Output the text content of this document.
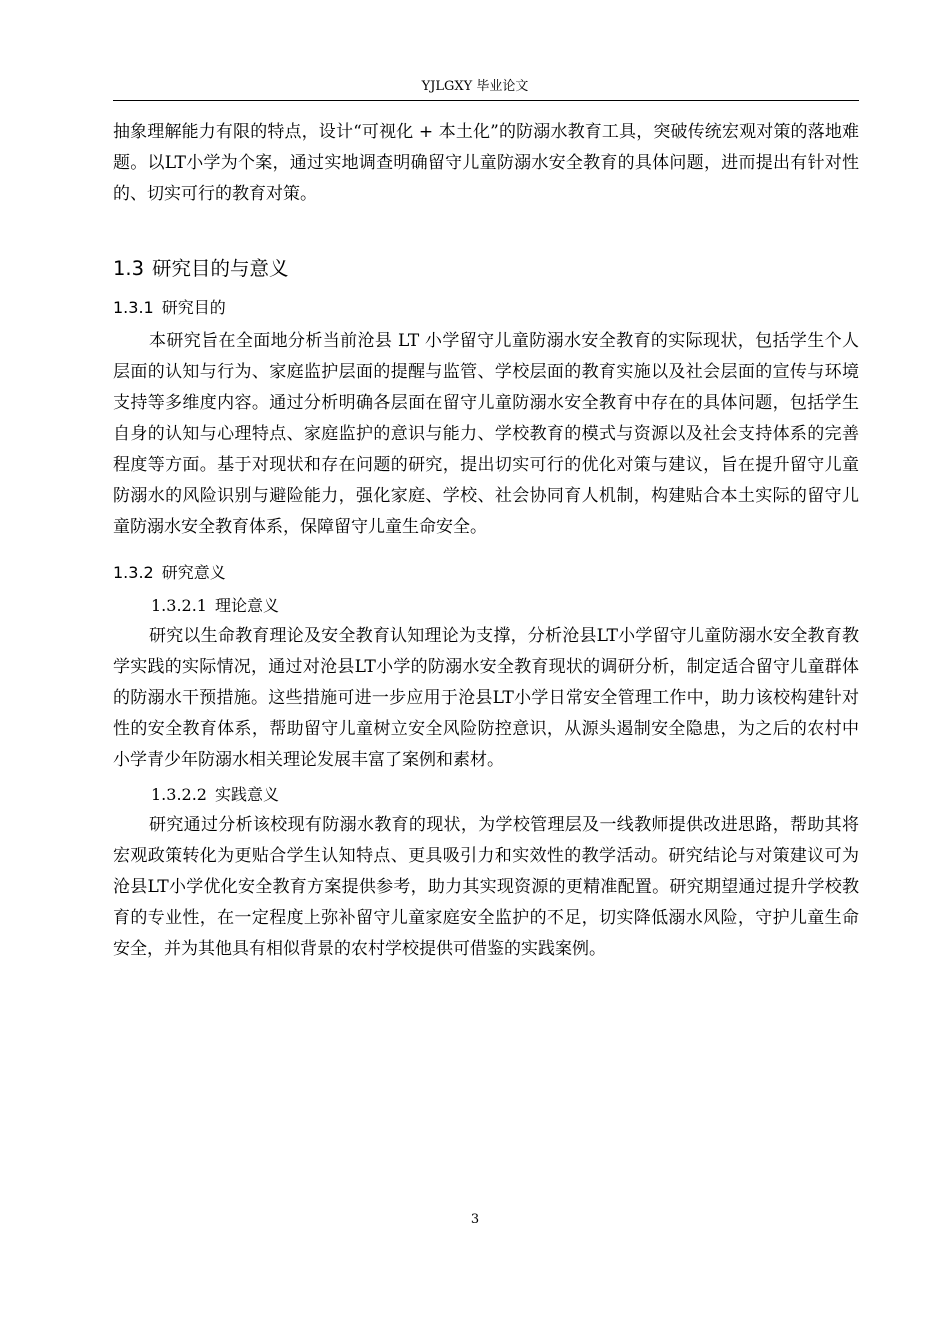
YJLGXY 毕业论文

抽象理解能力有限的特点，设计“可视化 + 本土化”的防溺水教育工具，突破传统宏观对策的落地难题。以LT小学为个案，通过实地调查明确留守儿童防溺水安全教育的具体问题，进而提出有针对性的、切实可行的教育对策。

1.3 研究目的与意义
1.3.1 研究目的

本研究旨在全面地分析当前沧县 LT 小学留守儿童防溺水安全教育的实际现状，包括学生个人层面的认知与行为、家庭监护层面的提醒与监管、学校层面的教育实施以及社会层面的宣传与环境支持等多维度内容。通过分析明确各层面在留守儿童防溺水安全教育中存在的具体问题，包括学生自身的认知与心理特点、家庭监护的意识与能力、学校教育的模式与资源以及社会支持体系的完善程度等方面。基于对现状和存在问题的研究，提出切实可行的优化对策与建议，旨在提升留守儿童防溺水的风险识别与避险能力，强化家庭、学校、社会协同育人机制，构建贴合本土实际的留守儿童防溺水安全教育体系，保障留守儿童生命安全。

1.3.2 研究意义
1.3.2.1 理论意义

研究以生命教育理论及安全教育认知理论为支撑，分析沧县LT小学留守儿童防溺水安全教育教学实践的实际情况，通过对沧县LT小学的防溺水安全教育现状的调研分析，制定适合留守儿童群体的防溺水干预措施。这些措施可进一步应用于沧县LT小学日常安全管理工作中，助力该校构建针对性的安全教育体系，帮助留守儿童树立安全风险防控意识，从源头遏制安全隐患，为之后的农村中小学青少年防溺水相关理论发展丰富了案例和素材。

1.3.2.2 实践意义

研究通过分析该校现有防溺水教育的现状，为学校管理层及一线教师提供改进思路，帮助其将宏观政策转化为更贴合学生认知特点、更具吸引力和实效性的教学活动。研究结论与对策建议可为沧县LT小学优化安全教育方案提供参考，助力其实现资源的更精准配置。研究期望通过提升学校教育的专业性，在一定程度上弥补留守儿童家庭安全监护的不足，切实降低溺水风险，守护儿童生命安全，并为其他具有相似背景的农村学校提供可借鉴的实践案例。

3
